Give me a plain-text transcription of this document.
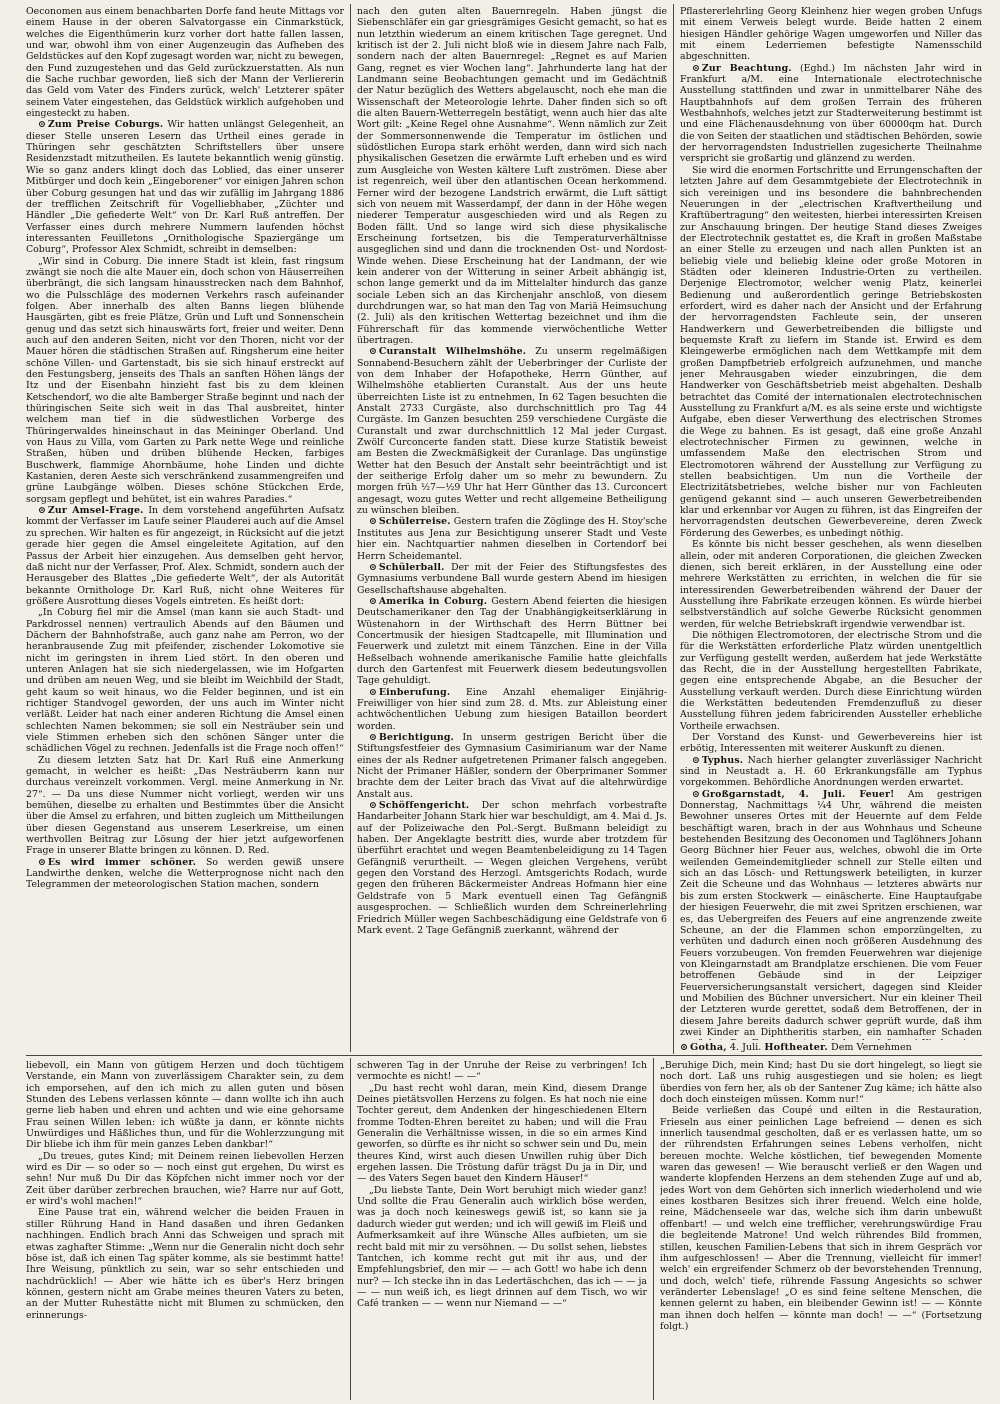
Oeconomen aus einem benachbarten Dorfe fand heute Mittags vor einem Hause in der oberen Salvatorgasse ein Cinmarkstück, welches die Eigenthümerin kurz vorher dort hatte fallen lassen, und war, obwohl ihm von einer Augenzeugin das Aufheben des Geldstückes auf den Kopf zugesagt worden war, nicht zu bewegen, den Fund zuzugestehen und das Geld zurückzuerstatten. Als nun die Sache ruchbar geworden, ließ sich der Mann der Verliererin das Geld vom Vater des Finders zurück, welch' Letzterer später seinem Vater eingestehen, das Geldstück wirklich aufgehoben und eingesteckt zu haben.

⊙ Zum Preise Coburgs. Wir hatten unlängst Gelegenheit, an dieser Stelle unseren Lesern das Urtheil eines gerade in Thüringen sehr geschätzten Schriftstellers über unsere Residenzstadt mitzutheilen. Es lautete bekanntlich wenig günstig. Wie so ganz anders klingt doch das Loblied, das einer unserer Mitbürger und doch kein „Eingeborener“ vor einigen Jahren schon über Coburg gesungen hat und das wir zufällig im Jahrgang 1886 der trefflichen Zeitschrift für Vogelliebhaber, „Züchter und Händler „Die gefiederte Welt“ von Dr. Karl Ruß antreffen. Der Verfasser eines durch mehrere Nummern laufenden höchst interessanten Feuilletons „Ornithologische Spaziergänge um Coburg“, Professor Alex Schmidt, schreibt in demselben:

„Wir sind in Coburg. Die innere Stadt ist klein, fast ringsum zwängt sie noch die alte Mauer ein, doch schon von Häuserreihen überbrängt, die sich langsam hinausstrecken nach dem Bahnhof, wo die Pulsschläge des modernen Verkehrs rasch aufeinander folgen. Aber innerhalb des alten Banns liegen blühende Hausgärten, gibt es freie Plätze, Grün und Luft und Sonnenschein genug und das setzt sich hinauswärts fort, freier und weiter. Denn auch auf den anderen Seiten, nicht vor den Thoren, nicht vor der Mauer hören die städtischen Straßen auf. Ringsherum eine heiter schöne Villen- und Gartenstadt, bis sie sich hinauf erstreckt auf den Festungsberg, jenseits des Thals an sanften Höhen längs der Itz und der Eisenbahn hinzieht fast bis zu dem kleinen Ketschendorf, wo die alte Bamberger Straße beginnt und nach der thüringischen Seite sich weit in das Thal ausbreitet, hinter welchem man tief in die südwestlichen Vorberge des Thüringerwaldes hineinschaut in das Meininger Oberland. Und von Haus zu Villa, vom Garten zu Park nette Wege und reinliche Straßen, hüben und drüben blühende Hecken, farbiges Buschwerk, flammige Ahornbäume, hohe Linden und dichte Kastanien, deren Aeste sich verschränkend zusammengreifen und grüne Laubgänge wölben. Dieses schöne Stückchen Erde, sorgsam gepflegt und behütet, ist ein wahres Paradies.“

⊙ Zur Amsel-Frage. In dem vorstehend angeführten Aufsatz kommt der Verfasser im Laufe seiner Plauderei auch auf die Amsel zu sprechen. Wir halten es für angezeigt, in Rücksicht auf die jetzt gerade hier gegen die Amsel eingeleitete Agitation, auf den Passus der Arbeit hier einzugehen. Aus demselben geht hervor, daß nicht nur der Verfasser, Prof. Alex. Schmidt, sondern auch der Herausgeber des Blattes „Die gefiederte Welt“, der als Autorität bekannte Ornithologe Dr. Karl Ruß, nicht ohne Weiteres für größere Ausrottung dieses Vogels eintreten. Es heißt dort:

„In Coburg fiel mir die Amsel (man kann sie auch Stadt- und Parkdrossel nennen) vertraulich Abends auf den Bäumen und Dächern der Bahnhofstraße, auch ganz nahe am Perron, wo der heranbrausende Zug mit pfeifender, zischender Lokomotive sie nicht im geringsten in ihrem Lied stört. In den oberen und unteren Anlagen hat sie sich niedergelassen, wie im Hofgarten und drüben am neuen Weg, und sie bleibt im Weichbild der Stadt, geht kaum so weit hinaus, wo die Felder beginnen, und ist ein richtiger Standvogel geworden, der uns auch im Winter nicht verläßt. Leider hat nach einer anderen Richtung die Amsel einen schlechten Namen bekommen; sie soll ein Nesträuber sein und viele Stimmen erheben sich den schönen Sänger unter die schädlichen Vögel zu rechnen. Jedenfalls ist die Frage noch offen!“

Zu diesem letzten Satz hat Dr. Karl Ruß eine Anmerkung gemacht, in welcher es heißt: „Das Nesträuberrn kann nur durchaus vereinzelt vorkommen. Vergl. meine Anmerkung in Nr. 27“. — Da uns diese Nummer nicht vorliegt, werden wir uns bemühen, dieselbe zu erhalten und Bestimmtes über die Ansicht über die Amsel zu erfahren, und bitten zugleich um Mittheilungen über diesen Gegenstand aus unserem Leserkreise, um einen werthvollen Beitrag zur Lösung der hier jetzt aufgeworfenen Frage in unserer Blatte bringen zu können. D. Red.

⊙ Es wird immer schöner. So werden gewiß unsere Landwirthe denken, welche die Wetterprognose nicht nach den Telegrammen der meteorologischen Station machen, sondern

nach den guten alten Bauernregeln. Haben jüngst die Siebenschläfer ein gar griesgrämiges Gesicht gemacht, so hat es nun letzthin wiederum an einem kritischen Tage geregnet. Und kritisch ist der 2. Juli nicht bloß wie in diesem Jahre nach Falb, sondern nach der alten Bauernregel: „Regnet es auf Marien Gang, regnet es vier Wochen lang“. Jahrhunderte lang hat der Landmann seine Beobachtungen gemacht und im Gedächtniß der Natur bezüglich des Wetters abgelauscht, noch ehe man die Wissenschaft der Meteorologie lehrte. Daher finden sich so oft die alten Bauern-Wetterregeln bestätigt, wenn auch hier das alte Wort gilt: „Keine Regel ohne Ausnahme“. Wenn nämlich zur Zeit der Sommersonnenwende die Temperatur im östlichen und südöstlichen Europa stark erhöht werden, dann wird sich nach physikalischen Gesetzen die erwärmte Luft erheben und es wird zum Ausgleiche von Westen kältere Luft zuströmen. Diese aber ist regenreich, weil über den atlantischen Ocean herkommend. Ferner wird der bezogene Landstrich erwärmt, die Luft sättigt sich von neuem mit Wasserdampf, der dann in der Höhe wegen niederer Temperatur ausgeschieden wird und als Regen zu Boden fällt. Und so lange wird sich diese physikalische Erscheinung fortsetzen, bis die Temperaturverhältnisse ausgeglichen sind und dann die trocknenden Ost- und Nordost-Winde wehen. Diese Erscheinung hat der Landmann, der wie kein anderer von der Witterung in seiner Arbeit abhängig ist, schon lange gemerkt und da im Mittelalter hindurch das ganze sociale Leben sich an das Kirchenjahr anschloß, von diesem durchdrungen war, so hat man den Tag von Mariä Heimsuchung (2. Juli) als den kritischen Wettertag bezeichnet und ihm die Führerschaft für das kommende vierwöchentliche Wetter übertragen.

⊙ Curanstalt Wilhelmshöhe. Zu unserm regelmäßigen Sonnabend-Besuchern zählt der Ueberbringer der Curliste der von dem Inhaber der Hofapotheke, Herrn Günther, auf Wilhelmshöhe etablierten Curanstalt. Aus der uns heute überreichten Liste ist zu entnehmen, In 62 Tagen besuchten die Anstalt 2733 Curgäste, also durchschnittlich pro Tag 44 Curgäste. Im Ganzen besuchten 259 verschiedene Curgäste die Curanstalt und zwar durchschnittlich 12 Mal jeder Curgast. Zwölf Curconcerte fanden statt. Diese kurze Statistik beweist am Besten die Zweckmäßigkeit der Curanlage. Das ungünstige Wetter hat den Besuch der Anstalt sehr beeinträchtigt und ist der seitherige Erfolg daher um so mehr zu bewundern. Zu morgen früh ½7—½9 Uhr hat Herr Günther das 13. Curconcert angesagt, wozu gutes Wetter und recht allgemeine Betheiligung zu wünschen bleiben.

⊙ Schülerreise. Gestern trafen die Zöglinge des H. Stoy'sche Institutes aus Jena zur Besichtigung unserer Stadt und Veste hier ein. Nachtquartier nahmen dieselben in Cortendorf bei Herrn Scheidemantel.

⊙ Schülerball. Der mit der Feier des Stiftungsfestes des Gymnasiums verbundene Ball wurde gestern Abend im hiesigen Gesellschaftshause abgehalten.

⊙ Amerika in Coburg. Gestern Abend feierten die hiesigen Deutschamerikaner den Tag der Unabhängigkeitserklärung in Wüstenahorn in der Wirthschaft des Herrn Büttner bei Concertmusik der hiesigen Stadtcapelle, mit Illumination und Feuerwerk und zuletzt mit einem Tänzchen. Eine in der Villa Heßselbach wohnende amerikanische Familie hatte gleichfalls durch den Gartenfest mit Feuerwerk diesem bedeutungsvollen Tage gehuldigt.

⊙ Einberufung. Eine Anzahl ehemaliger Einjährig-Freiwilliger von hier sind zum 28. d. Mts. zur Ableistung einer achtwöchentlichen Uebung zum hiesigen Bataillon beordert worden.

⊙ Berichtigung. In unserm gestrigen Bericht über die Stiftungsfestfeier des Gymnasium Casimirianum war der Name eines der als Redner aufgetretenen Primaner falsch angegeben. Nicht der Primaner Häßler, sondern der Oberprimaner Sommer brachte dem der Leiter brach das Vivat auf die altehrwürdige Anstalt aus.

⊙ Schöffengericht. Der schon mehrfach vorbestrafte Handarbeiter Johann Stark hier war beschuldigt, am 4. Mai d. Js. auf der Polizeiwache den Pol.-Sergt. Bußmann beleidigt zu haben. Der Angeklagte bestritt dies, wurde aber trotzdem für überführt erachtet und wegen Beamtenbeleidigung zu 14 Tagen Gefängniß verurtheilt. — Wegen gleichen Vergehens, verübt gegen den Vorstand des Herzogl. Amtsgerichts Rodach, wurde gegen den früheren Bäckermeister Andreas Hofmann hier eine Geldstrafe von 5 Mark eventuell einen Tag Gefängniß ausgesprochen. — Schließlich wurden dem Schreinerlehrling Friedrich Müller wegen Sachbeschädigung eine Geldstrafe von 6 Mark event. 2 Tage Gefängniß zuerkannt, während der

Pflastererlehrling Georg Kleinhenz hier wegen groben Unfugs mit einem Verweis belegt wurde. Beide hatten 2 einem hiesigen Händler gehörige Wagen umgeworfen und Niller das mit einem Lederriemen befestigte Namensschild abgeschnitten.

⊙ Zur Beachtung. (Eghd.) Im nächsten Jahr wird in Frankfurt a/M. eine Internationale electrotechnische Ausstellung stattfinden und zwar in unmittelbarer Nähe des Hauptbahnhofs auf dem großen Terrain des früheren Westbahnhofs, welches jetzt zur Stadterweiterung bestimmt ist und eine Flächenausdehnung von über 60000qm hat. Durch die von Seiten der staatlichen und städtischen Behörden, sowie der hervorragendsten Industriellen zugesicherte Theilnahme verspricht sie großartig und glänzend zu werden.

Sie wird die enormen Fortschritte und Errungenschaften der letzten Jahre auf dem Gesammtgebiete der Electrotechnik in sich vereinigen und ins besondere die bahnbrechenden Neuerungen in der „electrischen Kraftvertheilung und Kraftübertragung“ den weitesten, hierbei interessirten Kreisen zur Anschauung bringen. Der heutige Stand dieses Zweiges der Electrotechnik gestattet es, die Kraft in großen Maßstabe an einer Stelle zu erzeugen und nach allen Punkten ist an beliebig viele und beliebig kleine oder große Motoren in Städten oder kleineren Industrie-Orten zu vertheilen. Derjenige Electromotor, welcher wenig Platz, keinerlei Bedienung und außerordentlich geringe Betriebskosten erfordert, wird es daher nach der Ansicht und der Erfahrung der hervorragendsten Fachleute sein, der unseren Handwerkern und Gewerbetreibenden die billigste und bequemste Kraft zu liefern im Stande ist. Erwird es dem Kleingewerbe ermöglichen nach dem Wettkampfe mit dem großen Dampfbetrieb erfolgreich aufzunehmen, und manche jener Mehrausgaben wieder einzubringen, die dem Handwerker von Geschäftsbetrieb meist abgehalten. Deshalb betrachtet das Comité der internationalen electrotechnischen Ausstellung zu Frankfurt a/M. es als seine erste und wichtigste Aufgabe, eben dieser Verwerthung des electrischen Stromes die Wege zu bahnen. Es ist gesagt, daß eine große Anzahl electrotechnischer Firmen zu gewinnen, welche in umfassendem Maße den electrischen Strom und Electromotoren während der Ausstellung zur Verfügung zu stellen beabsichtigen. Um nun die Vortheile der Electrizitätsbetriebes, welche bisher nur von Fachleuten genügend gekannt sind — auch unseren Gewerbetreibenden klar und erkennbar vor Augen zu führen, ist das Eingreifen der hervorragendsten deutschen Gewerbevereine, deren Zweck Förderung des Gewerbes, es unbedingt nöthig.

Es könnte bis nicht besser geschehen, als wenn dieselben allein, oder mit anderen Corporationen, die gleichen Zwecken dienen, sich bereit erklären, in der Ausstellung eine oder mehrere Werkstätten zu errichten, in welchen die für sie interessirenden Gewerbetreibenden während der Dauer der Ausstellung ihre Fabrikate erzeugen können. Es würde hierbei selbstverständlich auf solche Gewerbe Rücksicht genommen werden, für welche Betriebskraft irgendwie verwendbar ist.

Die nöthigen Electromotoren, der electrische Strom und die für die Werkstätten erforderliche Platz würden unentgeltlich zur Verfügung gestellt werden, außerdem hat jede Werkstätte das Recht, die in der Ausstellung hergestellten Fabrikate, gegen eine entsprechende Abgabe, an die Besucher der Ausstellung verkauft werden. Durch diese Einrichtung würden die Werkstätten bedeutenden Fremdenzufluß zu dieser Ausstellung führen jedem fabricirenden Aussteller erhebliche Vortheile erwachsen.

Der Vorstand des Kunst- und Gewerbevereins hier ist erbötig, Interessenten mit weiterer Auskunft zu dienen.

⊙ Typhus. Nach hierher gelangter zuverlässiger Nachricht sind in Neustadt a. H. 60 Erkrankungsfälle am Typhus vorgekommen. Behördliche Anordnungen werden erwartet.

⊙ Großgarnstadt, 4. Juli. Feuer! Am gestrigen Donnerstag, Nachmittags ¼4 Uhr, während die meisten Bewohner unseres Ortes mit der Heuernte auf dem Felde beschäftigt waren, brach in der aus Wohnhaus und Scheune bestehenden Besitzung des Oeconomen und Taglöhners Johann Georg Büchner hier Feuer aus, welches, obwohl die im Orte weilenden Gemeindemitglieder schnell zur Stelle eilten und sich an das Lösch- und Rettungswerk beteiligten, in kurzer Zeit die Scheune und das Wohnhaus — letzteres abwärts nur bis zum ersten Stockwerk — einäscherte. Eine Hauptaufgabe der hiesigen Feuerwehr, die mit zwei Spritzen erschienen, war es, das Uebergreifen des Feuers auf eine angrenzende zweite Scheune, an der die Flammen schon emporzüngelten, zu verhüten und dadurch einen noch größeren Ausdehnung des Feuers vorzubeugen. Von fremden Feuerwehren war diejenige von Kleingarnstadt am Brandplatze erschienen. Die vom Feuer betroffenen Gebäude sind in der Leipziger Feuerversicherungsanstalt versichert, dagegen sind Kleider und Mobilien des Büchner unversichert. Nur ein kleiner Theil der Letzteren wurde gerettet, sodaß dem Betroffenen, der in diesem Jahre bereits dadurch schwer geprüft wurde, daß ihm zwei Kinder an Diphtheritis starben, ein namhafter Schaden

⊙ Gotha, 4. Juli. Hoftheater. Dem Vernehmen

liebevoll, ein Mann von gütigem Herzen und doch tüchtigem Verstande, ein Mann von zuverlässigem Charakter sein, zu dem ich emporsehen, auf den ich mich zu allen guten und bösen Stunden des Lebens verlassen könnte — dann wollte ich ihn auch gerne lieb haben und ehren und achten und wie eine gehorsame Frau seinen Willen leben: ich wüßte ja dann, er könnte nichts Unwürdiges und Häßliches thun, und für die Wohlerzzungung mit Dir bliebe ich ihm für mein ganzes Leben dankbar!“

„Du treues, gutes Kind; mit Deinem reinen liebevollen Herzen wird es Dir — so oder so — noch einst gut ergehen, Du wirst es sehn! Nur muß Du Dir das Köpfchen nicht immer noch vor der Zeit über darüber zerbrechen brauchen, wie? Harre nur auf Gott, er wird's wohl machen!“

Eine Pause trat ein, während welcher die beiden Frauen in stiller Rührung Hand in Hand dasaßen und ihren Gedanken nachhingen. Endlich brach Anni das Schweigen und sprach mit etwas zaghafter Stimme: „Wenn nur die Generalin nicht doch sehr böse ist, daß ich einen Tag später komme, als sie bestimmt hatte! Ihre Weisung, pünktlich zu sein, war so sehr entschieden und nachdrücklich! — Aber wie hätte ich es über's Herz bringen können, gestern nicht am Grabe meines theuren Vaters zu beten, an der Mutter Ruhestätte nicht mit Blumen zu schmücken, den erinnerungs-

schweren Tag in der Unruhe der Reise zu verbringen! Ich vermochte es nicht! — —“

„Du hast recht wohl daran, mein Kind, diesem Drange Deines pietätsvollen Herzens zu folgen. Es hat noch nie eine Tochter gereut, dem Andenken der hingeschiedenen Eltern fromme Todten-Ehren bereitet zu haben; und will die Frau Generalin die Verhältnisse wissen, in die so ein armes Kind geworfen, so dürfte es ihr nicht so schwer sein und Du, mein theures Kind, wirst auch diesen Unwillen ruhig über Dich ergehen lassen. Die Tröstung dafür trägst Du ja in Dir, und — des Vaters Segen bauet den Kindern Häuser!“

„Du liebste Tante, Dein Wort beruhigt mich wieder ganz! Und sollte die Frau Generalin auch wirklich böse werden, was ja doch noch keineswegs gewiß ist, so kann sie ja dadurch wieder gut werden; und ich will gewiß im Fleiß und Aufmerksamkeit auf ihre Wünsche Alles aufbieten, um sie recht bald mit mir zu versöhnen. — Du sollst sehen, liebstes Tantchen, ich komme recht gut mit ihr aus, und der Empfehlungsbrief, den mir — — ach Gott! wo habe ich denn nur? — Ich stecke ihn in das Ledertäschchen, das ich — — ja — — nun weiß ich, es liegt drinnen auf dem Tisch, wo wir Café tranken — — wenn nur Niemand — —“

„Beruhige Dich, mein Kind; hast Du sie dort hingelegt, so liegt sie noch dort. Laß uns ruhig ausgestiegen und sie holen; es liegt überdies von fern her, als ob der Santener Zug käme; ich hätte also doch doch einsteigen müssen. Komm nur!“

Beide verließen das Coupé und eilten in die Restauration, Frieseln aus einer peinlichen Lage befreiend — denen es sich innerlich tausendmal gescholten, daß er es verlassen hatte, um so der rührendsten Erfahrungen seines Lebens verholfen, nicht bereuen mochte. Welche köstlichen, tief bewegenden Momente waren das gewesen! — Wie berauscht verließ er den Wagen und wanderte klopfenden Herzens an dem stehenden Zuge auf und ab, jedes Wort von dem Gehörten sich innerlich wiederholend und wie eines kostbaren Besitzes sich ihrer freuend. Welch eine holde, reine, Mädchenseele war das, welche sich ihm darin unbewußt offenbart! — und welch eine trefflicher, verehrungswürdige Frau die begleitende Matrone! Und welch rührendes Bild frommen, stillen, keuschen Familien-Lebens that sich in ihrem Gespräch vor ihm aufgeschlossen! — Aber die Trennung, vielleicht für immer! welch' ein ergreifender Schmerz ob der bevorstehenden Trennung, und doch, welch' tiefe, rührende Fassung Angesichts so schwer veränderter Lebenslage! „O es sind feine seltene Menschen, die kennen gelernt zu haben, ein bleibender Gewinn ist! — — Könnte man ihnen doch helfen — könnte man doch! — —“ (Fortsetzung folgt.)
